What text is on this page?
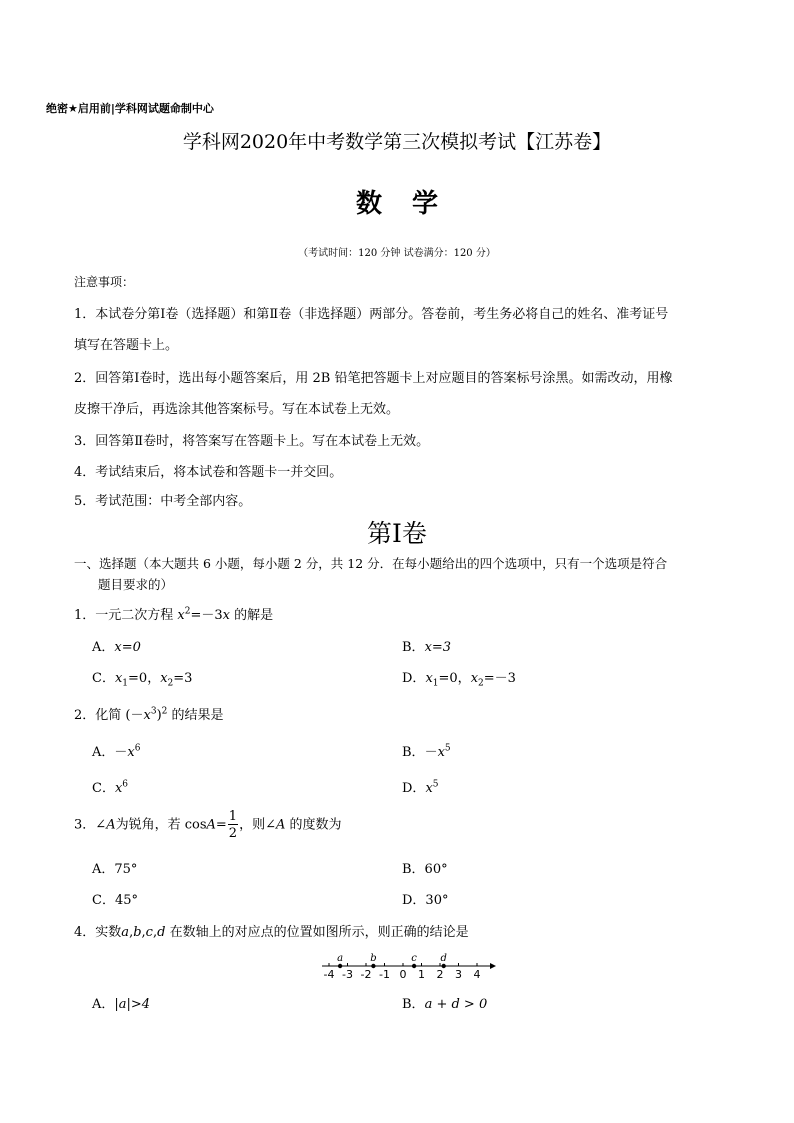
绝密★启用前|学科网试题命制中心
学科网2020年中考数学第三次模拟考试【江苏卷】
数学
（考试时间：120 分钟 试卷满分：120 分）
注意事项：
1．本试卷分第Ⅰ卷（选择题）和第Ⅱ卷（非选择题）两部分。答卷前，考生务必将自己的姓名、准考证号
填写在答题卡上。
2．回答第Ⅰ卷时，选出每小题答案后，用 2B 铅笔把答题卡上对应题目的答案标号涂黑。如需改动，用橡
皮擦干净后，再选涂其他答案标号。写在本试卷上无效。
3．回答第Ⅱ卷时，将答案写在答题卡上。写在本试卷上无效。
4．考试结束后，将本试卷和答题卡一并交回。
5．考试范围：中考全部内容。
第Ⅰ卷
一、选择题（本大题共 6 小题，每小题 2 分，共 12 分．在每小题给出的四个选项中，只有一个选项是符合
题目要求的）
1．一元二次方程 $x^2=-3x$ 的解是
A．x=0	B．x=3
C．$x_1=0$，$x_2=3$	D．$x_1=0$，$x_2=-3$
2．化简 $(-x^3)^2$ 的结果是
A．$-x^6$	B．$-x^5$
C．$x^6$	D．$x^5$
3．∠A为锐角，若 $\cos A= \frac{1}{2}$ ，则∠A 的度数为
A．75°	B．60°
C．45°	D．30°
4．实数a,b,c,d 在数轴上的对应点的位置如图所示，则正确的结论是
-4 -3 -2 -1 0 1 2 3 4
a	b	c d
A．|a|>4	B．a + d > 0
